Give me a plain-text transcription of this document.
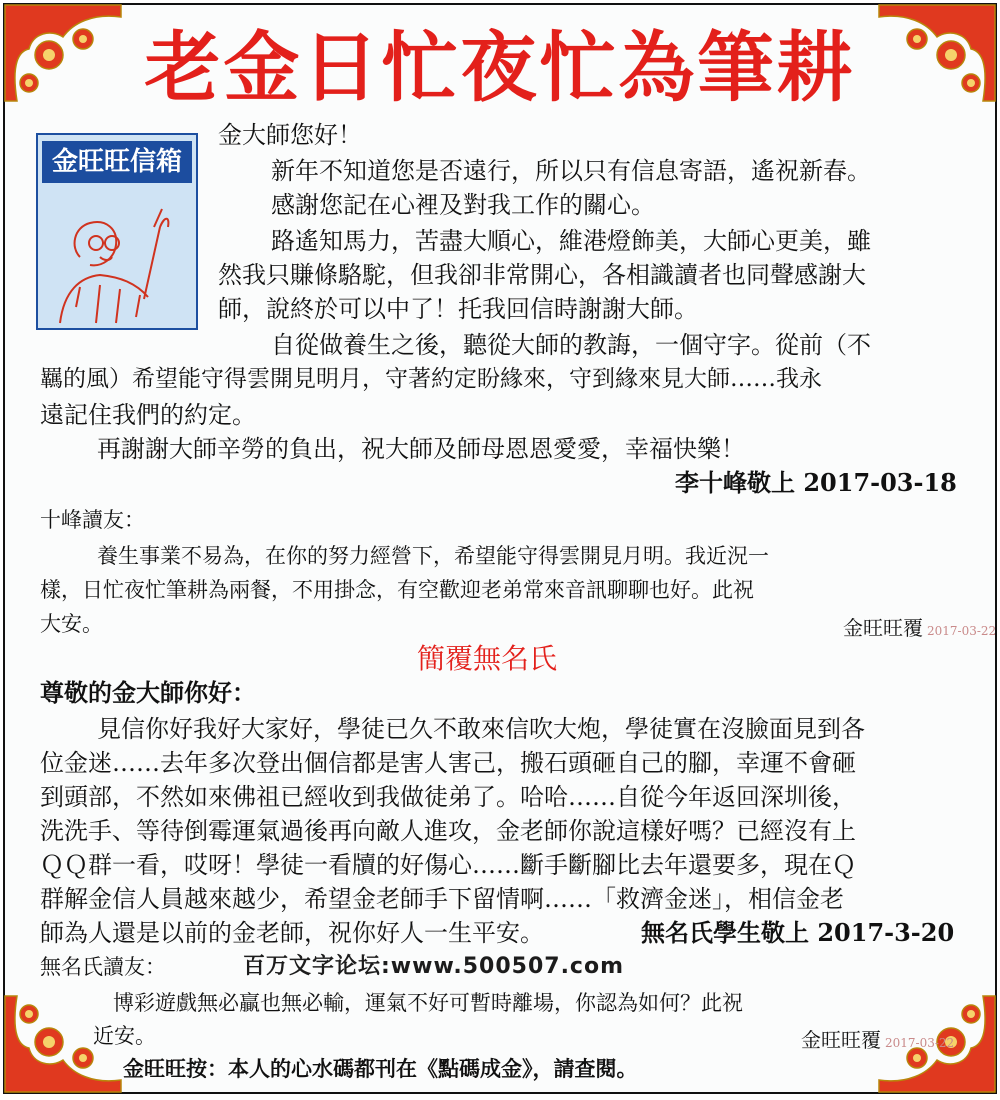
老金日忙夜忙為筆耕
金旺旺信箱
金大師您好！
新年不知道您是否遠行，所以只有信息寄語，遙祝新春。
感謝您記在心裡及對我工作的關心。
路遙知馬力，苦盡大順心，維港燈飾美，大師心更美，雖
然我只賺條駱駝，但我卻非常開心，各相識讀者也同聲感謝大
師，說終於可以中了！托我回信時謝謝大師。
自從做養生之後，聽從大師的教誨，一個守字。從前（不
羈的風）希望能守得雲開見明月，守著約定盼緣來，守到緣來見大師……我永
遠記住我們的約定。
再謝謝大師辛勞的負出，祝大師及師母恩恩愛愛，幸福快樂！
李十峰敬上 2017-03-18
十峰讀友：
養生事業不易為，在你的努力經營下，希望能守得雲開見月明。我近況一
樣，日忙夜忙筆耕為兩餐，不用掛念，有空歡迎老弟常來音訊聊聊也好。此祝
大安。	金旺旺覆 2017-03-22
簡覆無名氏
尊敬的金大師你好：
見信你好我好大家好，學徒已久不敢來信吹大炮，學徒實在沒臉面見到各
位金迷……去年多次登出個信都是害人害己，搬石頭砸自己的腳，幸運不會砸
到頭部，不然如來佛祖已經收到我做徒弟了。哈哈……自從今年返回深圳後，
洗洗手、等待倒霉運氣過後再向敵人進攻，金老師你說這樣好嗎？已經沒有上
ＱＱ群一看，哎呀！學徒一看牘的好傷心……斷手斷腳比去年還要多，現在Ｑ
群解金信人員越來越少，希望金老師手下留情啊……「救濟金迷」，相信金老
師為人還是以前的金老師，祝你好人一生平安。	無名氏學生敬上 2017-3-20
無名氏讀友：	百万文字论坛:www.500507.com
博彩遊戲無必贏也無必輸，運氣不好可暫時離場，你認為如何？此祝
近安。	金旺旺覆 2017-03-22
金旺旺按：本人的心水碼都刊在《點碼成金》，請查閱。
